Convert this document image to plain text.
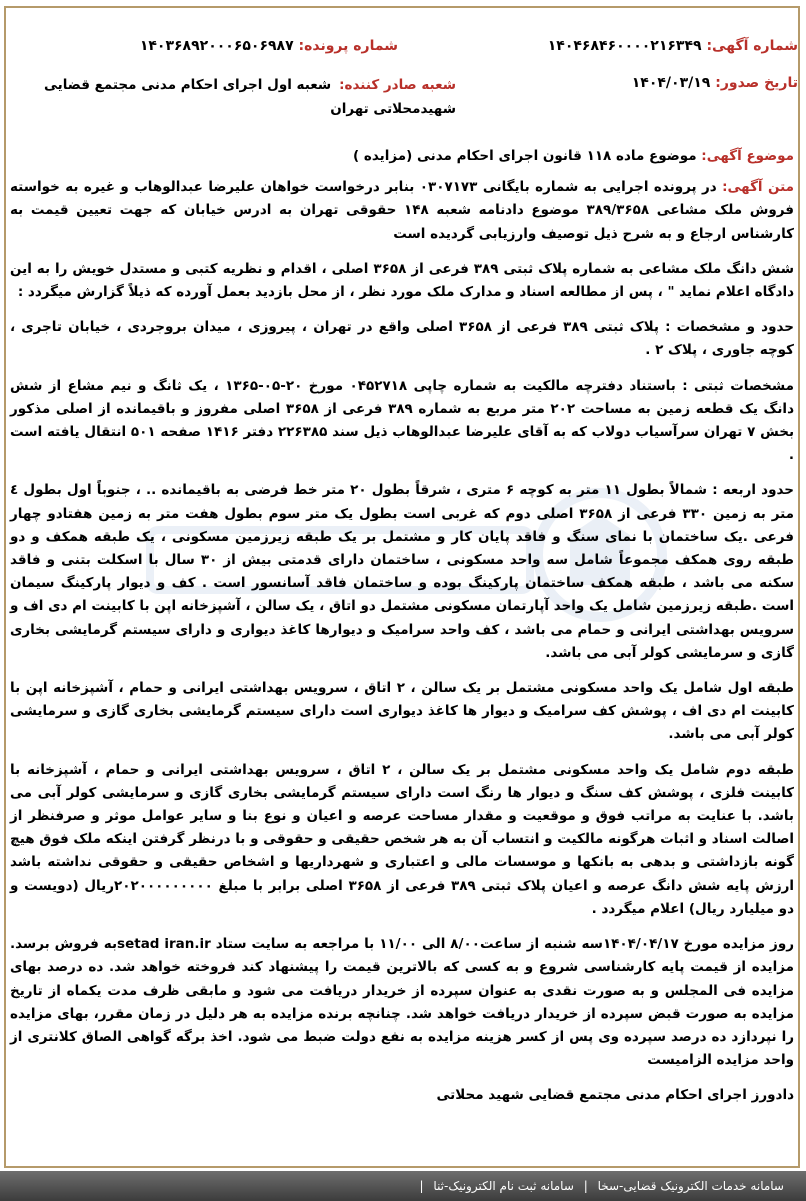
شماره آگهی: ۱۴۰۴۶۸۴۶۰۰۰۰۲۱۶۳۴۹
شماره پرونده: ۱۴۰۳۶۸۹۲۰۰۰۶۵۰۶۹۸۷
تاریخ صدور: ۱۴۰۴/۰۳/۱۹
شعبه صادر کننده:شعبه اول اجرای احکام مدنی مجتمع قضایی شهیدمحلاتی تهران

موضوع آگهی: موضوع ماده ۱۱۸ قانون اجرای احکام مدنی (مزایده )

متن آگهی: در پرونده اجرایی به شماره بایگانی ۰۳۰۷۱۷۳ بنابر درخواست خواهان علیرضا عبدالوهاب و غیره به خواسته فروش ملک مشاعی ۳۸۹/۳۶۵۸ موضوع دادنامه شعبه ۱۴۸ حقوقی تهران به ادرس خیابان که جهت تعیین قیمت به کارشناس ارجاع و به شرح ذیل توصیف وارزیابی گردیده است

شش دانگ ملک مشاعی به شماره پلاک ثبتی ۳۸۹ فرعی از ۳۶۵۸ اصلی ، اقدام و نظریه کتبی و مستدل خویش را به این دادگاه اعلام نماید " ، پس از مطالعه اسناد و مدارک ملک مورد نظر ، از محل بازدید بعمل آورده که ذیلاً گزارش میگردد :

حدود و مشخصات : پلاک ثبتی ۳۸۹ فرعی از ۳۶۵۸ اصلی واقع در تهران ، پیروزی ، میدان بروجردی ، خیابان تاجری ، کوچه جاوری ، پلاک ۲ .

مشخصات ثبتی : باستناد دفترچه مالکیت به شماره چاپی ۰۴۵۲۷۱۸ مورخ ۲۰-۰۵-۱۳۶۵ ، یک ثانگ و نیم مشاع از شش دانگ یک قطعه زمین به مساحت ۲۰۲ متر مربع به شماره ۳۸۹ فرعی از ۳۶۵۸ اصلی مفروز و باقیمانده از اصلی مذکور بخش ۷ تهران سرآسیاب دولاب که به آقای علیرضا عبدالوهاب ذیل سند ۲۲۶۳۸۵ دفتر ۱۴۱۶ صفحه ۵۰۱ انتقال یافته است .

حدود اربعه : شمالاً بطول ۱۱ متر به کوچه ۶ متری ، شرقاً بطول ۲۰ متر خط فرضی به باقیمانده .. ، جنوباً اول بطول ٤ متر به زمین ۳۳۰ فرعی از ۳۶۵۸ اصلی دوم که غربی است بطول یک متر سوم بطول هفت متر به زمین هفتادو چهار فرعی .یک ساختمان با نمای سنگ و فاقد پایان کار و مشتمل بر یک طبقه زیرزمین مسکونی ، یک طبقه همکف و دو طبقه روی همکف مجموعاً شامل سه واحد مسکونی ، ساختمان دارای قدمتی بیش از ۳۰ سال با اسکلت بتنی و فاقد سکنه می باشد ، طبقه همکف ساختمان پارکینگ بوده و ساختمان فاقد آسانسور است . کف و دیوار پارکینگ سیمان است .طبقه زیرزمین شامل یک واحد آپارتمان مسکونی مشتمل دو اتاق ، یک سالن ، آشپزخانه اپن با کابینت ام دی اف و سرویس بهداشتی ایرانی و حمام می باشد ، کف واحد سرامیک و دیوارها کاغذ دیواری و دارای سیستم گرمایشی بخاری گازی و سرمایشی کولر آبی می باشد.

طبقه اول شامل یک واحد مسکونی مشتمل بر یک سالن ، ۲ اتاق ، سرویس بهداشتی ایرانی و حمام ، آشپزخانه اپن با کابینت ام دی اف ، پوشش کف سرامیک و دیوار ها کاغذ دیواری است دارای سیستم گرمایشی بخاری گازی و سرمایشی کولر آبی می باشد.

طبقه دوم شامل یک واحد مسکونی مشتمل بر یک سالن ، ۲ اتاق ، سرویس بهداشتی ایرانی و حمام ، آشپزخانه با کابینت فلزی ، پوشش کف سنگ و دیوار ها رنگ است دارای سیستم گرمایشی بخاری گازی و سرمایشی کولر آبی می باشد. با عنایت به مراتب فوق و موقعیت و مقدار مساحت عرصه و اعیان و نوع بنا و سایر عوامل موثر و صرفنظر از اصالت اسناد و اثبات هرگونه مالکیت و انتساب آن به هر شخص حقیقی و حقوقی و با درنظر گرفتن اینکه ملک فوق هیچ گونه بازداشتی و بدهی به بانکها و موسسات مالی و اعتباری و شهرداریها و اشخاص حقیقی و حقوقی نداشته باشد ارزش پایه شش دانگ عرصه و اعیان پلاک ثبتی ۳۸۹ فرعی از ۳۶۵۸ اصلی برابر با مبلغ ۲۰۲۰۰۰۰۰۰۰۰۰ریال (دویست و دو میلیارد ریال) اعلام میگردد .

روز مزایده مورخ ۱۴۰۴/۰۴/۱۷سه شنبه از ساعت۸/۰۰ الی ۱۱/۰۰ با مراجعه به سایت ستاد setad iran.irبه فروش برسد. مزایده از قیمت پایه کارشناسی شروع و به کسی که بالاترین قیمت را پیشنهاد کند فروخته خواهد شد. ده درصد بهای مزایده فی المجلس و به صورت نقدی به عنوان سپرده از خریدار دریافت می شود و مابقی ظرف مدت یکماه از تاریخ مزایده به صورت قبض سپرده از خریدار دریافت خواهد شد. چنانچه برنده مزایده به هر دلیل در زمان مقرر، بهای مزایده را نپردازد ده درصد سپرده وی پس از کسر هزینه مزایده به نفع دولت ضبط می شود. اخذ برگه گواهی الصاق کلانتری از واحد مزایده الزامیست

دادورز اجرای احکام مدنی مجتمع قضایی شهید محلاتی

سامانه خدمات الکترونیک قضایی-سخا | سامانه ثبت نام الکترونیک-ثنا |
